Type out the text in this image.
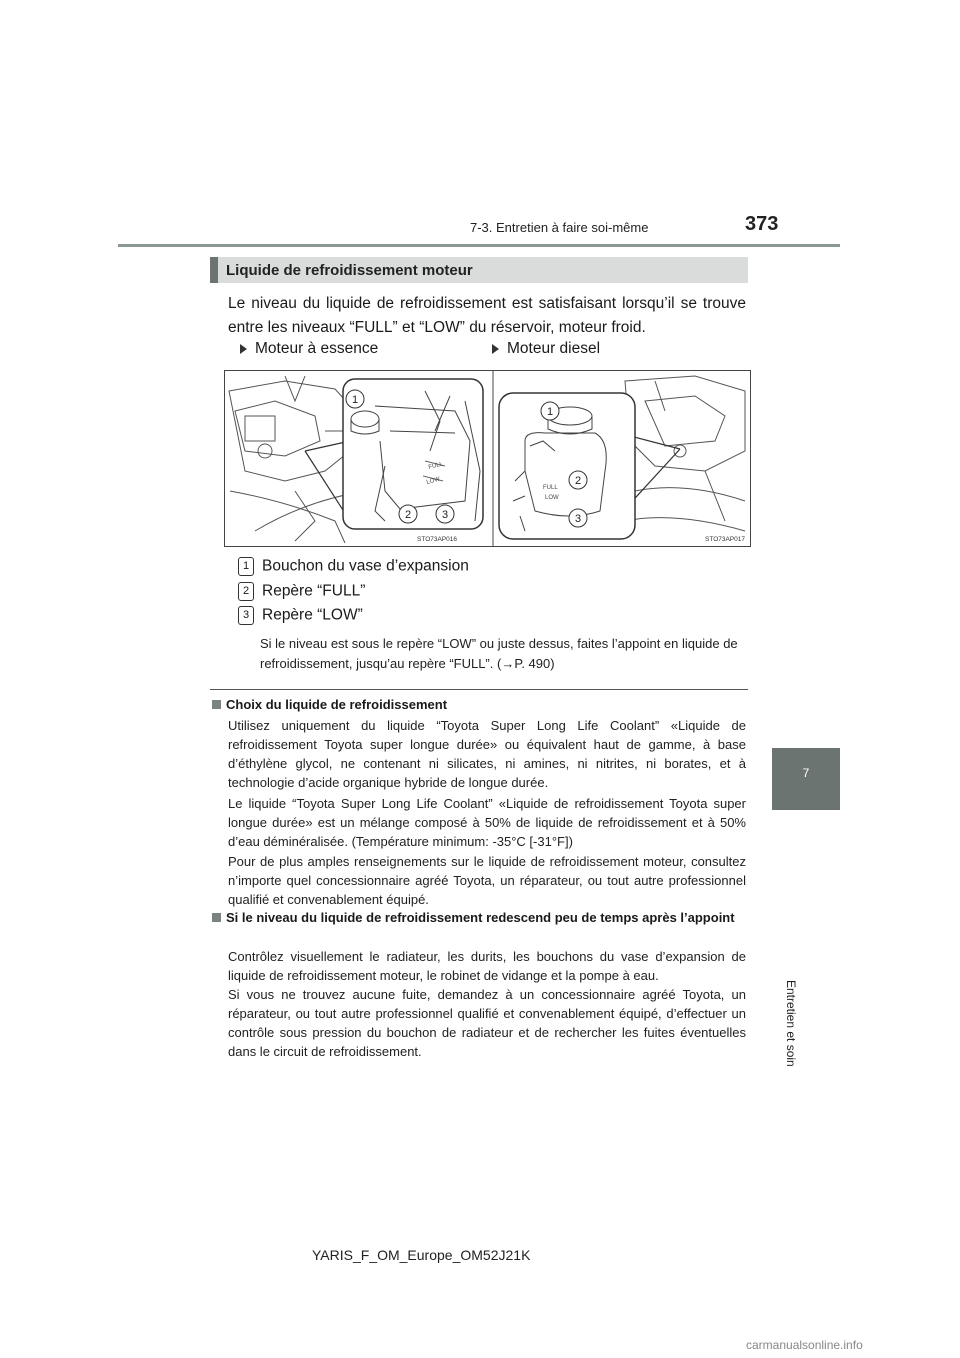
7-3. Entretien à faire soi-même	373
7
Entretien et soin
Liquide de refroidissement moteur
Le niveau du liquide de refroidissement est satisfaisant lorsqu’il se trouve entre les niveaux “FULL” et “LOW” du réservoir, moteur froid.
Moteur à essence	Moteur diesel
FULL
LOW
1
2	3
STO73AP016
FULL
LOW
1
2
3
STO73AP017
1 Bouchon du vase d’expansion
2 Repère “FULL”
3 Repère “LOW”
Si le niveau est sous le repère “LOW” ou juste dessus, faites l’appoint en liquide de refroidissement, jusqu’au repère “FULL”. (→P. 490)
Choix du liquide de refroidissement
Utilisez uniquement du liquide “Toyota Super Long Life Coolant” «Liquide de refroidissement Toyota super longue durée» ou équivalent haut de gamme, à base d’éthylène glycol, ne contenant ni silicates, ni amines, ni nitrites, ni borates, et à technologie d’acide organique hybride de longue durée.
Le liquide “Toyota Super Long Life Coolant” «Liquide de refroidissement Toyota super longue durée» est un mélange composé à 50% de liquide de refroidissement et à 50% d’eau déminéralisée. (Température minimum: -35°C [-31°F])
Pour de plus amples renseignements sur le liquide de refroidissement moteur, consultez n’importe quel concessionnaire agréé Toyota, un réparateur, ou tout autre professionnel qualifié et convenablement équipé.
Si le niveau du liquide de refroidissement redescend peu de temps après l’appoint
Contrôlez visuellement le radiateur, les durits, les bouchons du vase d’expansion de liquide de refroidissement moteur, le robinet de vidange et la pompe à eau.
Si vous ne trouvez aucune fuite, demandez à un concessionnaire agréé Toyota, un réparateur, ou tout autre professionnel qualifié et convenablement équipé, d’effectuer un contrôle sous pression du bouchon de radiateur et de rechercher les fuites éventuelles dans le circuit de refroidissement.
YARIS_F_OM_Europe_OM52J21K
carmanualsonline.info
